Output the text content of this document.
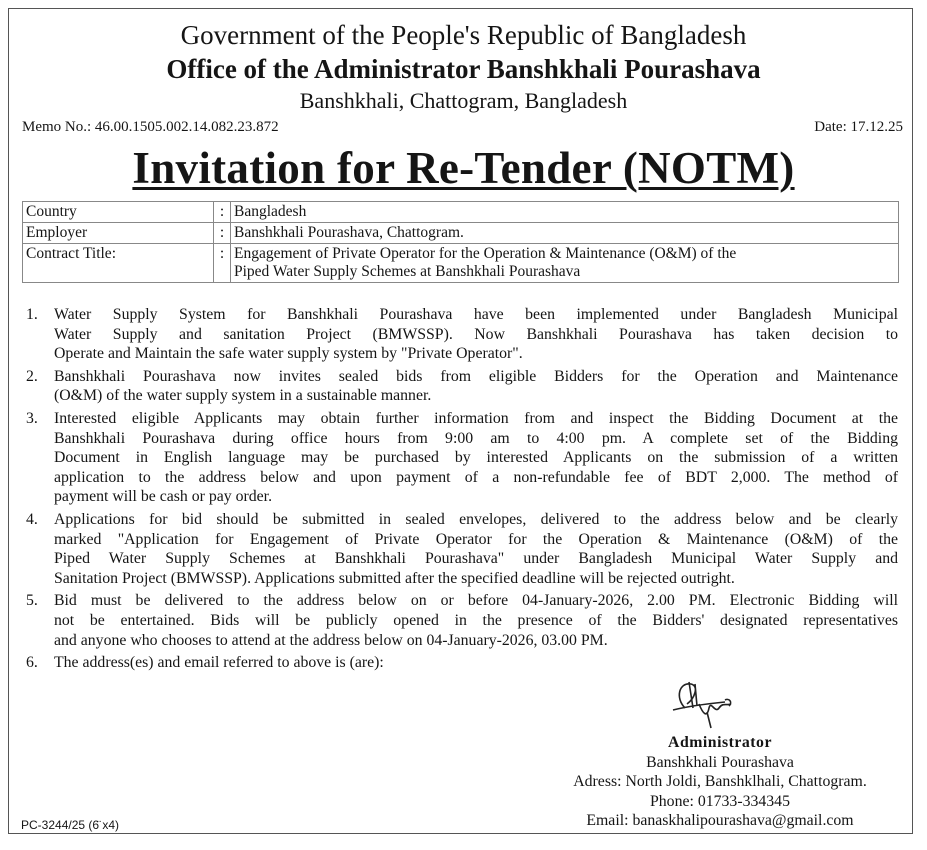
Government of the People's Republic of Bangladesh
Office of the Administrator Banshkhali Pourashava
Banshkhali, Chattogram, Bangladesh
Memo No.: 46.00.1505.002.14.082.23.872	Date: 17.12.25
Invitation for Re-Tender (NOTM)
Country	:	Bangladesh

Employer	:	Banshkhali Pourashava, Chattogram.

Contract Title:	:	Engagement of Private Operator for the Operation & Maintenance (O&M) of the
Piped Water Supply Schemes at Banshkhali Pourashava
1.	Water Supply System for Banshkhali Pourashava have been implemented under Bangladesh Municipal
Water Supply and sanitation Project (BMWSSP). Now Banshkhali Pourashava has taken decision to
Operate and Maintain the safe water supply system by "Private Operator".
2.	Banshkhali Pourashava now invites sealed bids from eligible Bidders for the Operation and Maintenance
(O&M) of the water supply system in a sustainable manner.
3.	Interested eligible Applicants may obtain further information from and inspect the Bidding Document at the
Banshkhali Pourashava during office hours from 9:00 am to 4:00 pm. A complete set of the Bidding
Document in English language may be purchased by interested Applicants on the submission of a written
application to the address below and upon payment of a non-refundable fee of BDT 2,000. The method of
payment will be cash or pay order.
4.	Applications for bid should be submitted in sealed envelopes, delivered to the address below and be clearly
marked "Application for Engagement of Private Operator for the Operation & Maintenance (O&M) of the
Piped Water Supply Schemes at Banshkhali Pourashava" under Bangladesh Municipal Water Supply and
Sanitation Project (BMWSSP). Applications submitted after the specified deadline will be rejected outright.
5.	Bid must be delivered to the address below on or before 04-January-2026, 2.00 PM. Electronic Bidding will
not be entertained. Bids will be publicly opened in the presence of the Bidders' designated representatives
and anyone who chooses to attend at the address below on 04-January-2026, 03.00 PM.
6.	The address(es) and email referred to above is (are):
Administrator
Banshkhali Pourashava
Adress: North Joldi, Banshklhali, Chattogram.
Phone: 01733-334345
Email: banaskhalipourashava@gmail.com
PC-3244/25 (6̈ x4)
